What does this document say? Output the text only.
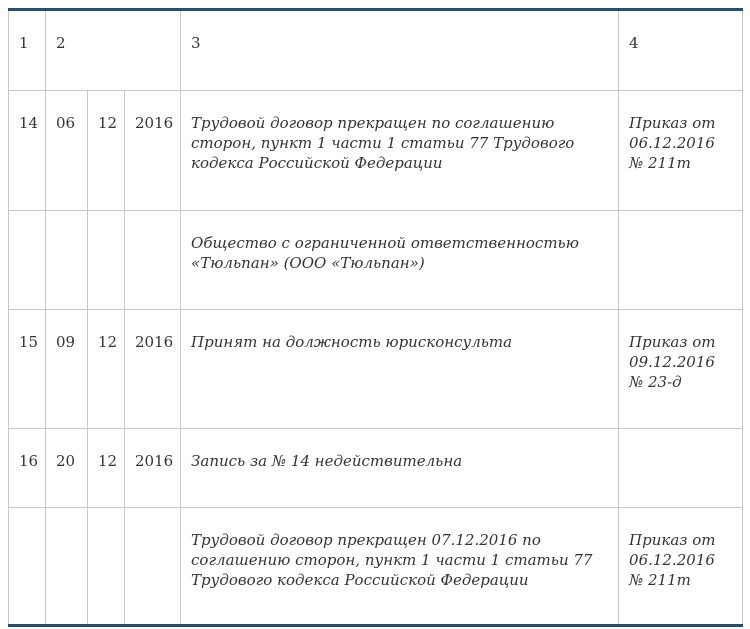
1	2			3	4
14	06	12	2016	Трудовой договор прекращен по соглашению сторон, пункт 1 части 1 статьи 77 Трудового кодекса Российской Федерации	Приказ от 06.12.2016 № 211т
				Общество с ограниченной ответственностью «Тюльпан» (ООО «Тюльпан»)	
15	09	12	2016	Принят на должность юрисконсульта	Приказ от 09.12.2016 № 23-д
16	20	12	2016	Запись за № 14 недействительна	
				Трудовой договор прекращен 07.12.2016 по соглашению сторон, пункт 1 части 1 статьи 77 Трудового кодекса Российской Федерации	Приказ от 06.12.2016 № 211т
